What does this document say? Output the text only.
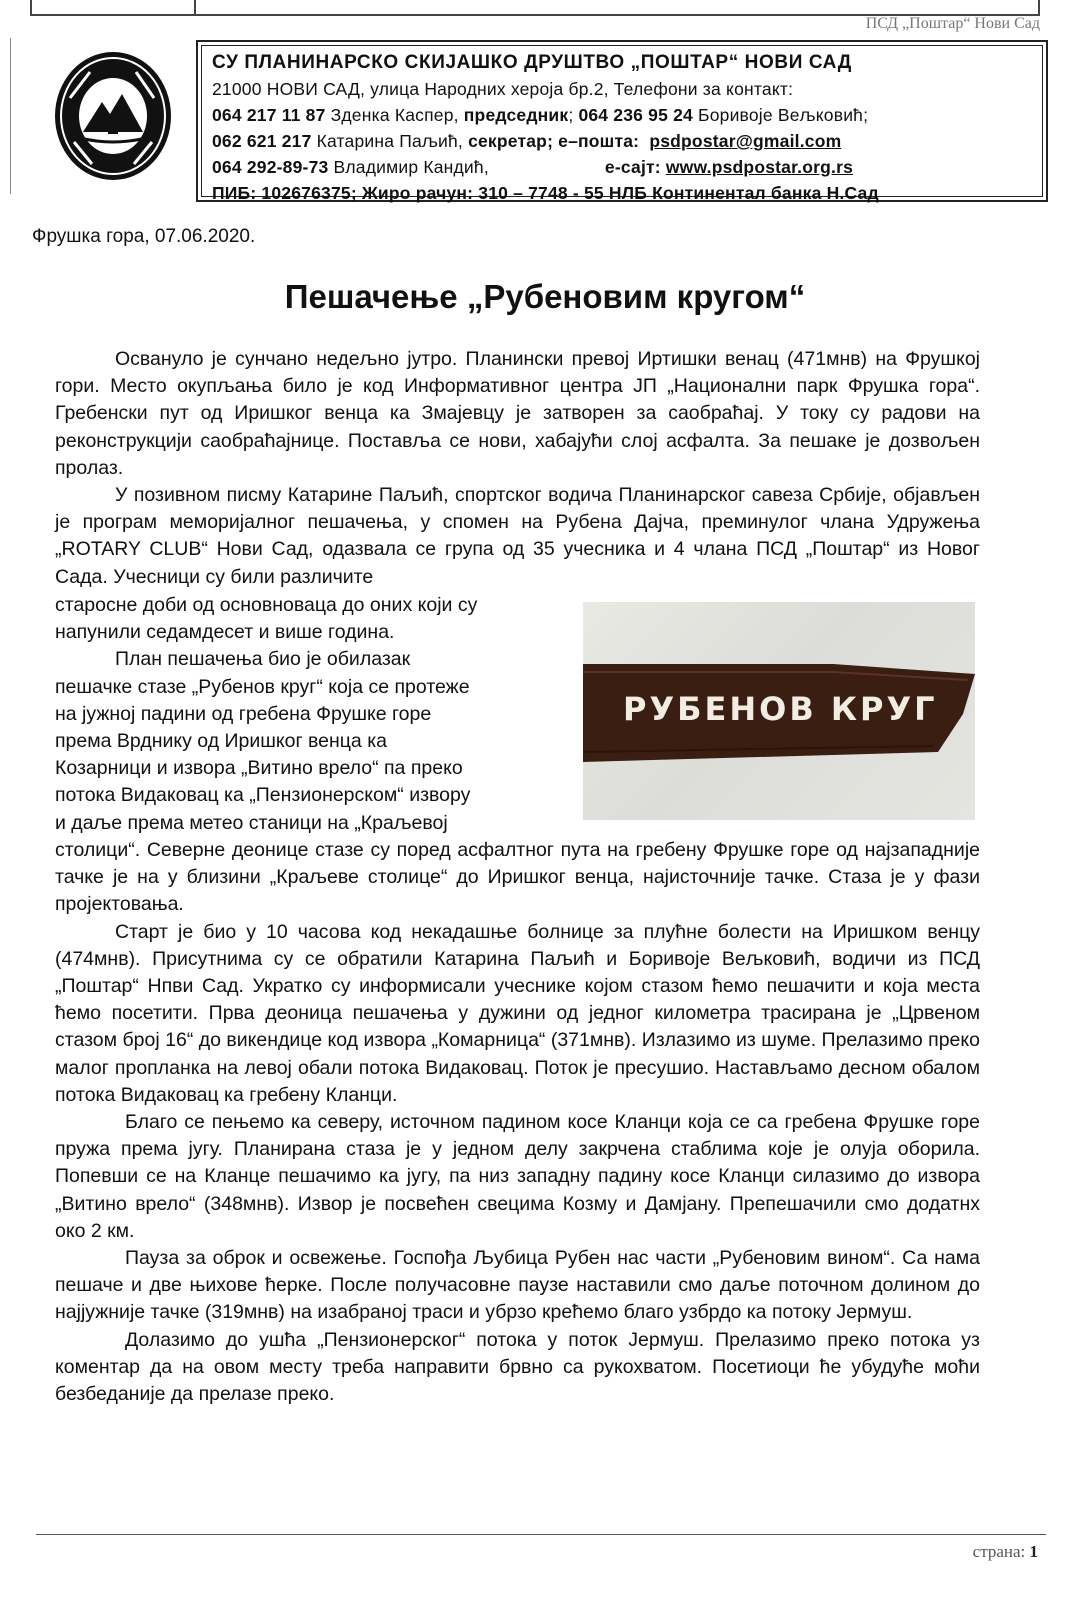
ПСД „Поштар“ Нови Сад
СУ ПЛАНИНАРСКО СКИЈАШКО ДРУШТВО „ПОШТАР“ НОВИ САД
21000 НОВИ САД, улица Народних хероја бр.2, Телефони за контакт:
064 217 11 87 Зденка Каспер, председник; 064 236 95 24 Боривоје Вељковић;
062 621 217 Катарина Пaљић, секретар; е–пошта: psdpostar@gmail.com
064 292-89-73 Владимир Кандић,	е-сајт: www.psdpostar.org.rs
ПИБ: 102676375; Жиро рачун: 310 – 7748 - 55 НЛБ Континентал банка Н.Сад
Фрушка гора, 07.06.2020.
Пешачење „Рубеновим кругом“

Освануло је сунчано недељно јутро. Планински превој Иртишки венац (471мнв) на Фрушкој гори. Место окупљања било је код Информативног центра ЈП „Национални парк Фрушка гора“. Гребенски пут од Иришког венца ка Змајевцу је затворен за саобраћај. У току су радови на реконструкцији саобраћајнице. Поставља се нови, хабајући слој асфалта. За пешаке је дозвољен пролаз.

У позивном писму Катарине Паљић, спортског водича Планинарског савеза Србије, објављен је програм меморијалног пешачења, у спомен на Рубена Дајча, преминулог члана Удружења „ROTARY CLUB“ Нови Сад, одазвала се група од 35 учесника и 4 члана ПСД „Поштар“ из Новог Сада. Учесници су били различите

старосне доби од основноваца до оних који су
напунили седамдесет и више година.
План пешачења био је обилазак
пешачке стазе „Рубенов круг“ која се протеже
на јужној падини од гребена Фрушке горе
према Врднику од Иришког венца ка
Козарници и извора „Витино врело“ па преко
потока Видаковац ка „Пензионерском“ извору
и даље према метео станици на „Краљевој
РУБЕНОВ КРУГ

столици“. Северне деонице стазе су поред асфалтног пута на гребену Фрушке горе од најзападније тачке је на у близини „Краљеве столице“ до Иришког венца, најисточније тачке. Стаза је у фази пројектовања.

Старт је био у 10 часова код некадашње болнице за плућне болести на Иришком венцу (474мнв). Присутнима су се обратили Катарина Паљић и Боривоје Вељковић, водичи из ПСД „Поштар“ Нпви Сад. Укратко су информисали учеснике којом стазом ћемо пешачити и која места ћемо посетити. Прва деоница пешачења у дужини од једног километра трасирана је „Црвеном стазом број 16“ до викендице код извора „Комарница“ (371мнв). Излазимо из шуме. Прелазимо преко малог пропланка на левој обали потока Видаковац. Поток је пресушио. Настављамо десном обалом потока Видаковац ка гребену Кланци.

Благо се пењемо ка северу, источном падином косе Кланци која се са гребена Фрушке горе пружа према југу. Планирана стаза је у једном делу закрчена стаблима које је олуја оборила. Попевши се на Кланце пешачимо ка југу, па низ западну падину косе Кланци силазимо до извора „Витино врело“ (348мнв). Извор је посвећен свецима Козму и Дамјану. Препешачили смо додатнх око 2 км.

Пауза за оброк и освежење. Госпођа Љубица Рубен нас части „Рубеновим вином“. Са нама пешаче и две њихове ћерке. После получасовне паузе наставили смо даље поточном долином до најјужније тачке (319мнв) на изабраној траси и убрзо крећемо благо узбрдо ка потоку Јермуш.

Долазимо до ушћа „Пензионерског“ потока у поток Јермуш. Прелазимо преко потока уз коментар да на овом месту треба направити брвно са рукохватом. Посетиоци ће убудуће моћи безбеданије да прелазе преко.

страна: 1
